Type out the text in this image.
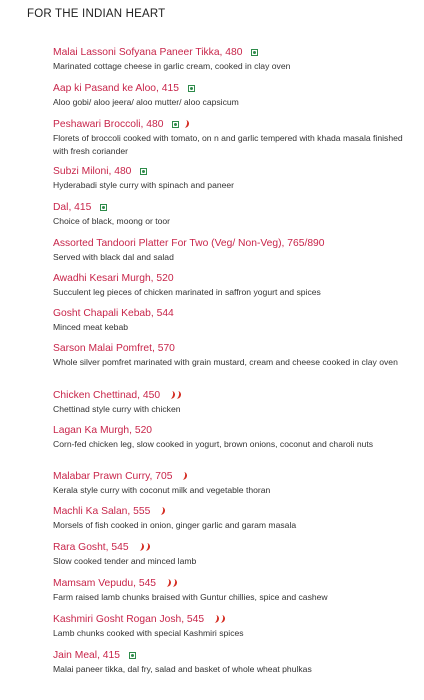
FOR THE INDIAN HEART
Malai Lassoni Sofyana Paneer Tikka, 480
Marinated cottage cheese in garlic cream, cooked in clay oven
Aap ki Pasand ke Aloo, 415
Aloo gobi/ aloo jeera/ aloo mutter/ aloo capsicum
Peshawari Broccoli, 480
Florets of broccoli cooked with tomato, on n and garlic tempered with khada masala finished with fresh coriander
Subzi Miloni, 480
Hyderabadi style curry with spinach and paneer
Dal, 415
Choice of black, moong or toor
Assorted Tandoori Platter For Two (Veg/ Non-Veg), 765/890
Served with black dal and salad
Awadhi Kesari Murgh, 520
Succulent leg pieces of chicken marinated in saffron yogurt and spices
Gosht Chapali Kebab, 544
Minced meat kebab
Sarson Malai Pomfret, 570
Whole silver pomfret marinated with grain mustard, cream and cheese cooked in clay oven
Chicken Chettinad, 450
Chettinad style curry with chicken
Lagan Ka Murgh, 520
Corn-fed chicken leg, slow cooked in yogurt, brown onions, coconut and charoli nuts
Malabar Prawn Curry, 705
Kerala style curry with coconut milk and vegetable thoran
Machli Ka Salan, 555
Morsels of fish cooked in onion, ginger garlic and garam masala
Rara Gosht, 545
Slow cooked tender and minced lamb
Mamsam Vepudu, 545
Farm raised lamb chunks braised with Guntur chillies, spice and cashew
Kashmiri Gosht Rogan Josh, 545
Lamb chunks cooked with special Kashmiri spices
Jain Meal, 415
Malai paneer tikka, dal fry, salad and basket of whole wheat phulkas
